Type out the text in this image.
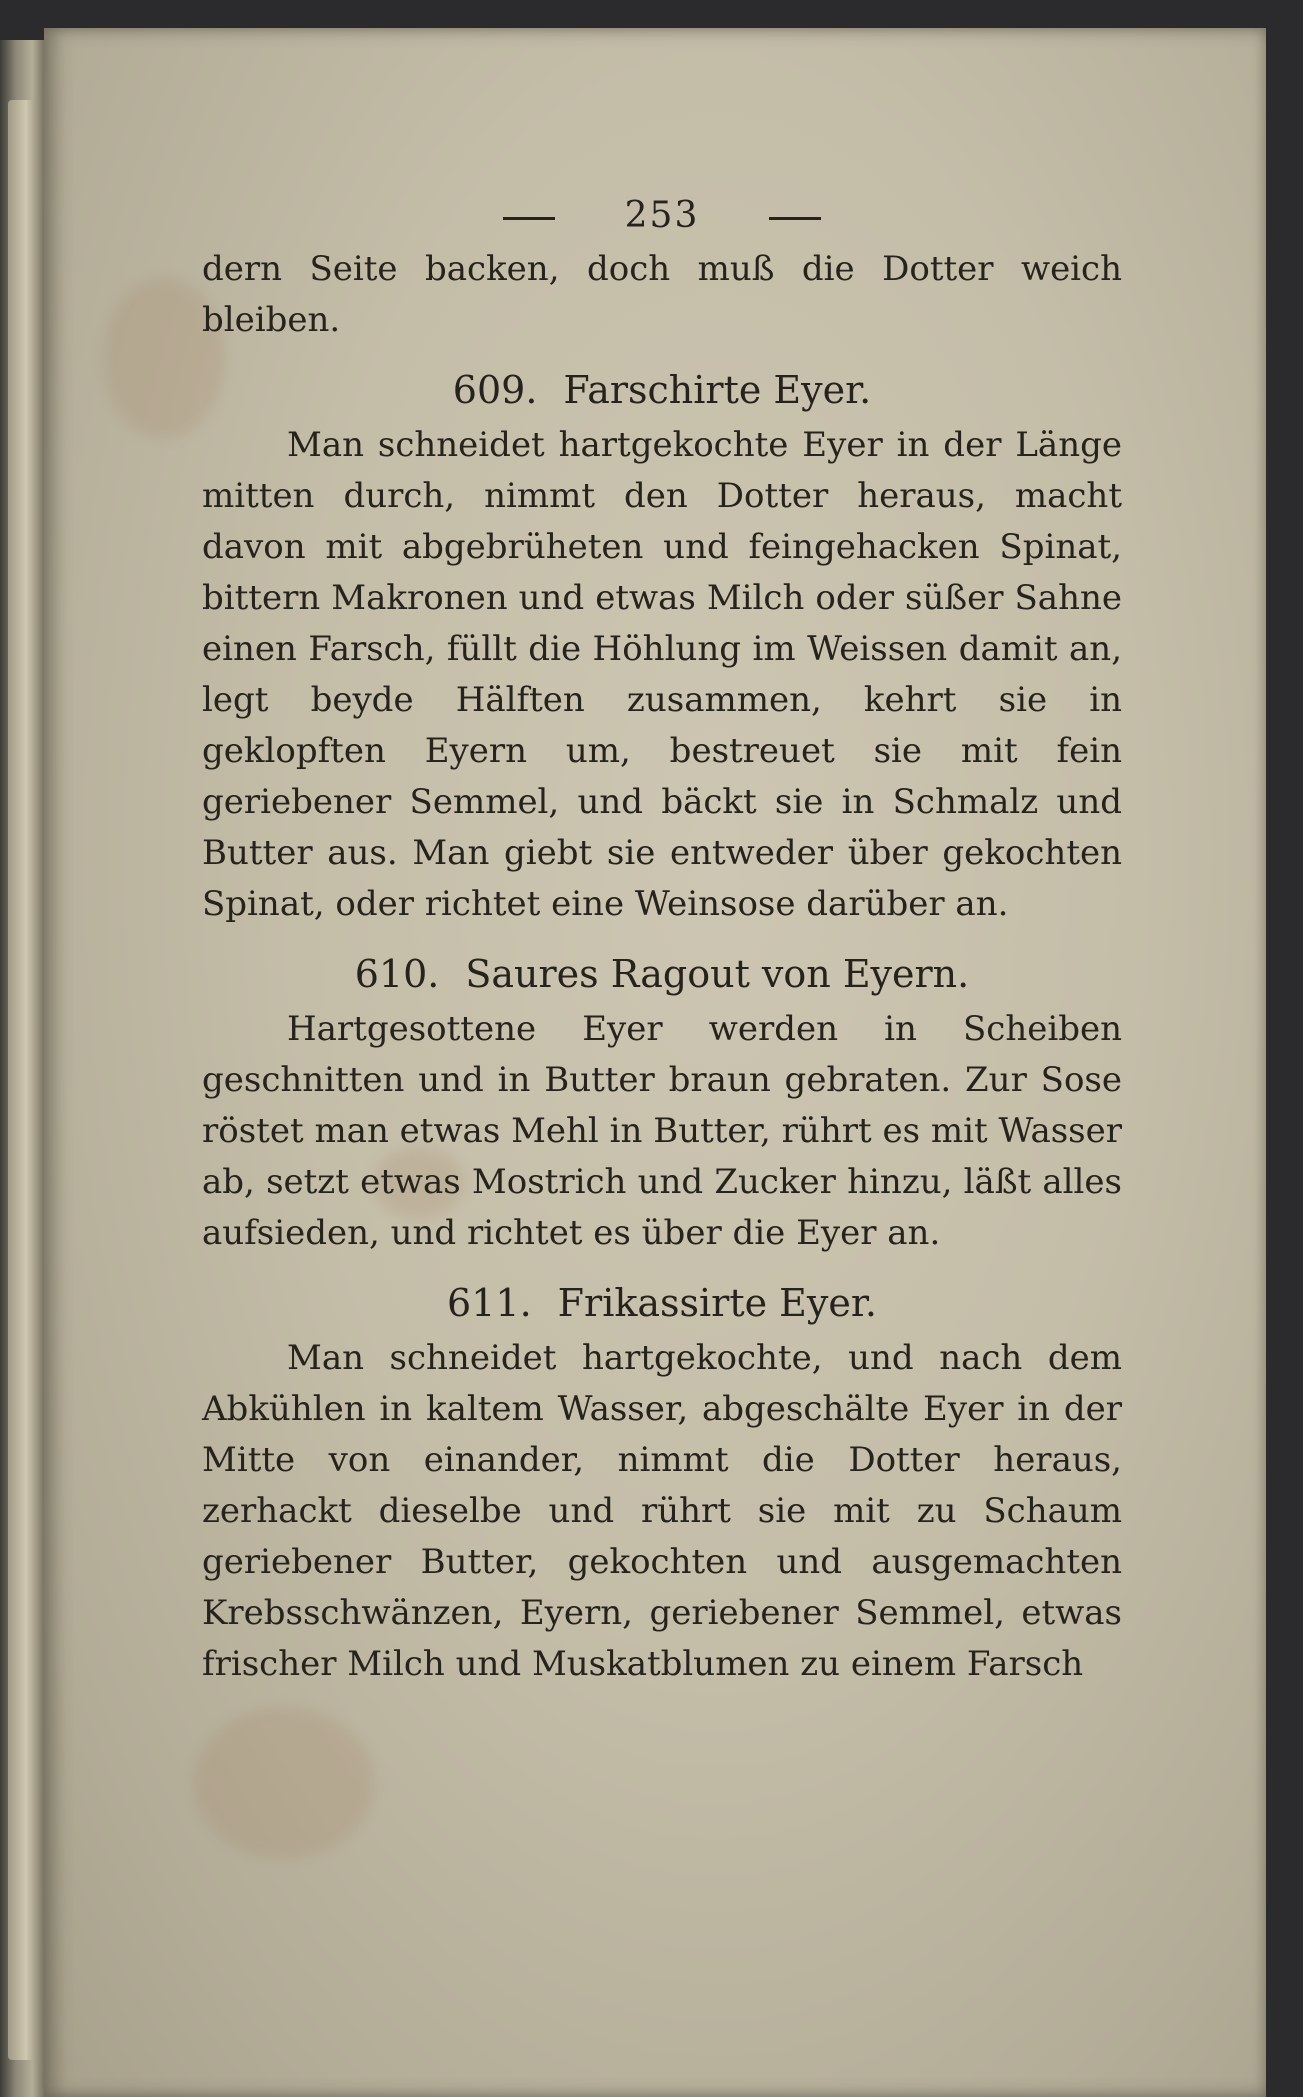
253

dern Seite backen, doch muß die Dotter weich bleiben.

609. Farschirte Eyer.

Man schneidet hartgekochte Eyer in der Länge mitten durch, nimmt den Dotter heraus, macht davon mit abgebrüheten und feingehacken Spinat, bittern Makronen und etwas Milch oder süßer Sahne einen Farsch, füllt die Höhlung im Weissen damit an, legt beyde Hälften zusammen, kehrt sie in geklopften Eyern um, bestreuet sie mit fein geriebener Semmel, und bäckt sie in Schmalz und Butter aus. Man giebt sie entweder über gekochten Spinat, oder richtet eine Weinsose darüber an.

610. Saures Ragout von Eyern.

Hartgesottene Eyer werden in Scheiben geschnitten und in Butter braun gebraten. Zur Sose röstet man etwas Mehl in Butter, rührt es mit Wasser ab, setzt etwas Mostrich und Zucker hinzu, läßt alles aufsieden, und richtet es über die Eyer an.

611. Frikassirte Eyer.

Man schneidet hartgekochte, und nach dem Abkühlen in kaltem Wasser, abgeschälte Eyer in der Mitte von einander, nimmt die Dotter heraus, zerhackt dieselbe und rührt sie mit zu Schaum geriebener Butter, gekochten und ausgemachten Krebsschwänzen, Eyern, geriebener Semmel, etwas frischer Milch und Muskatblumen zu einem Farsch
